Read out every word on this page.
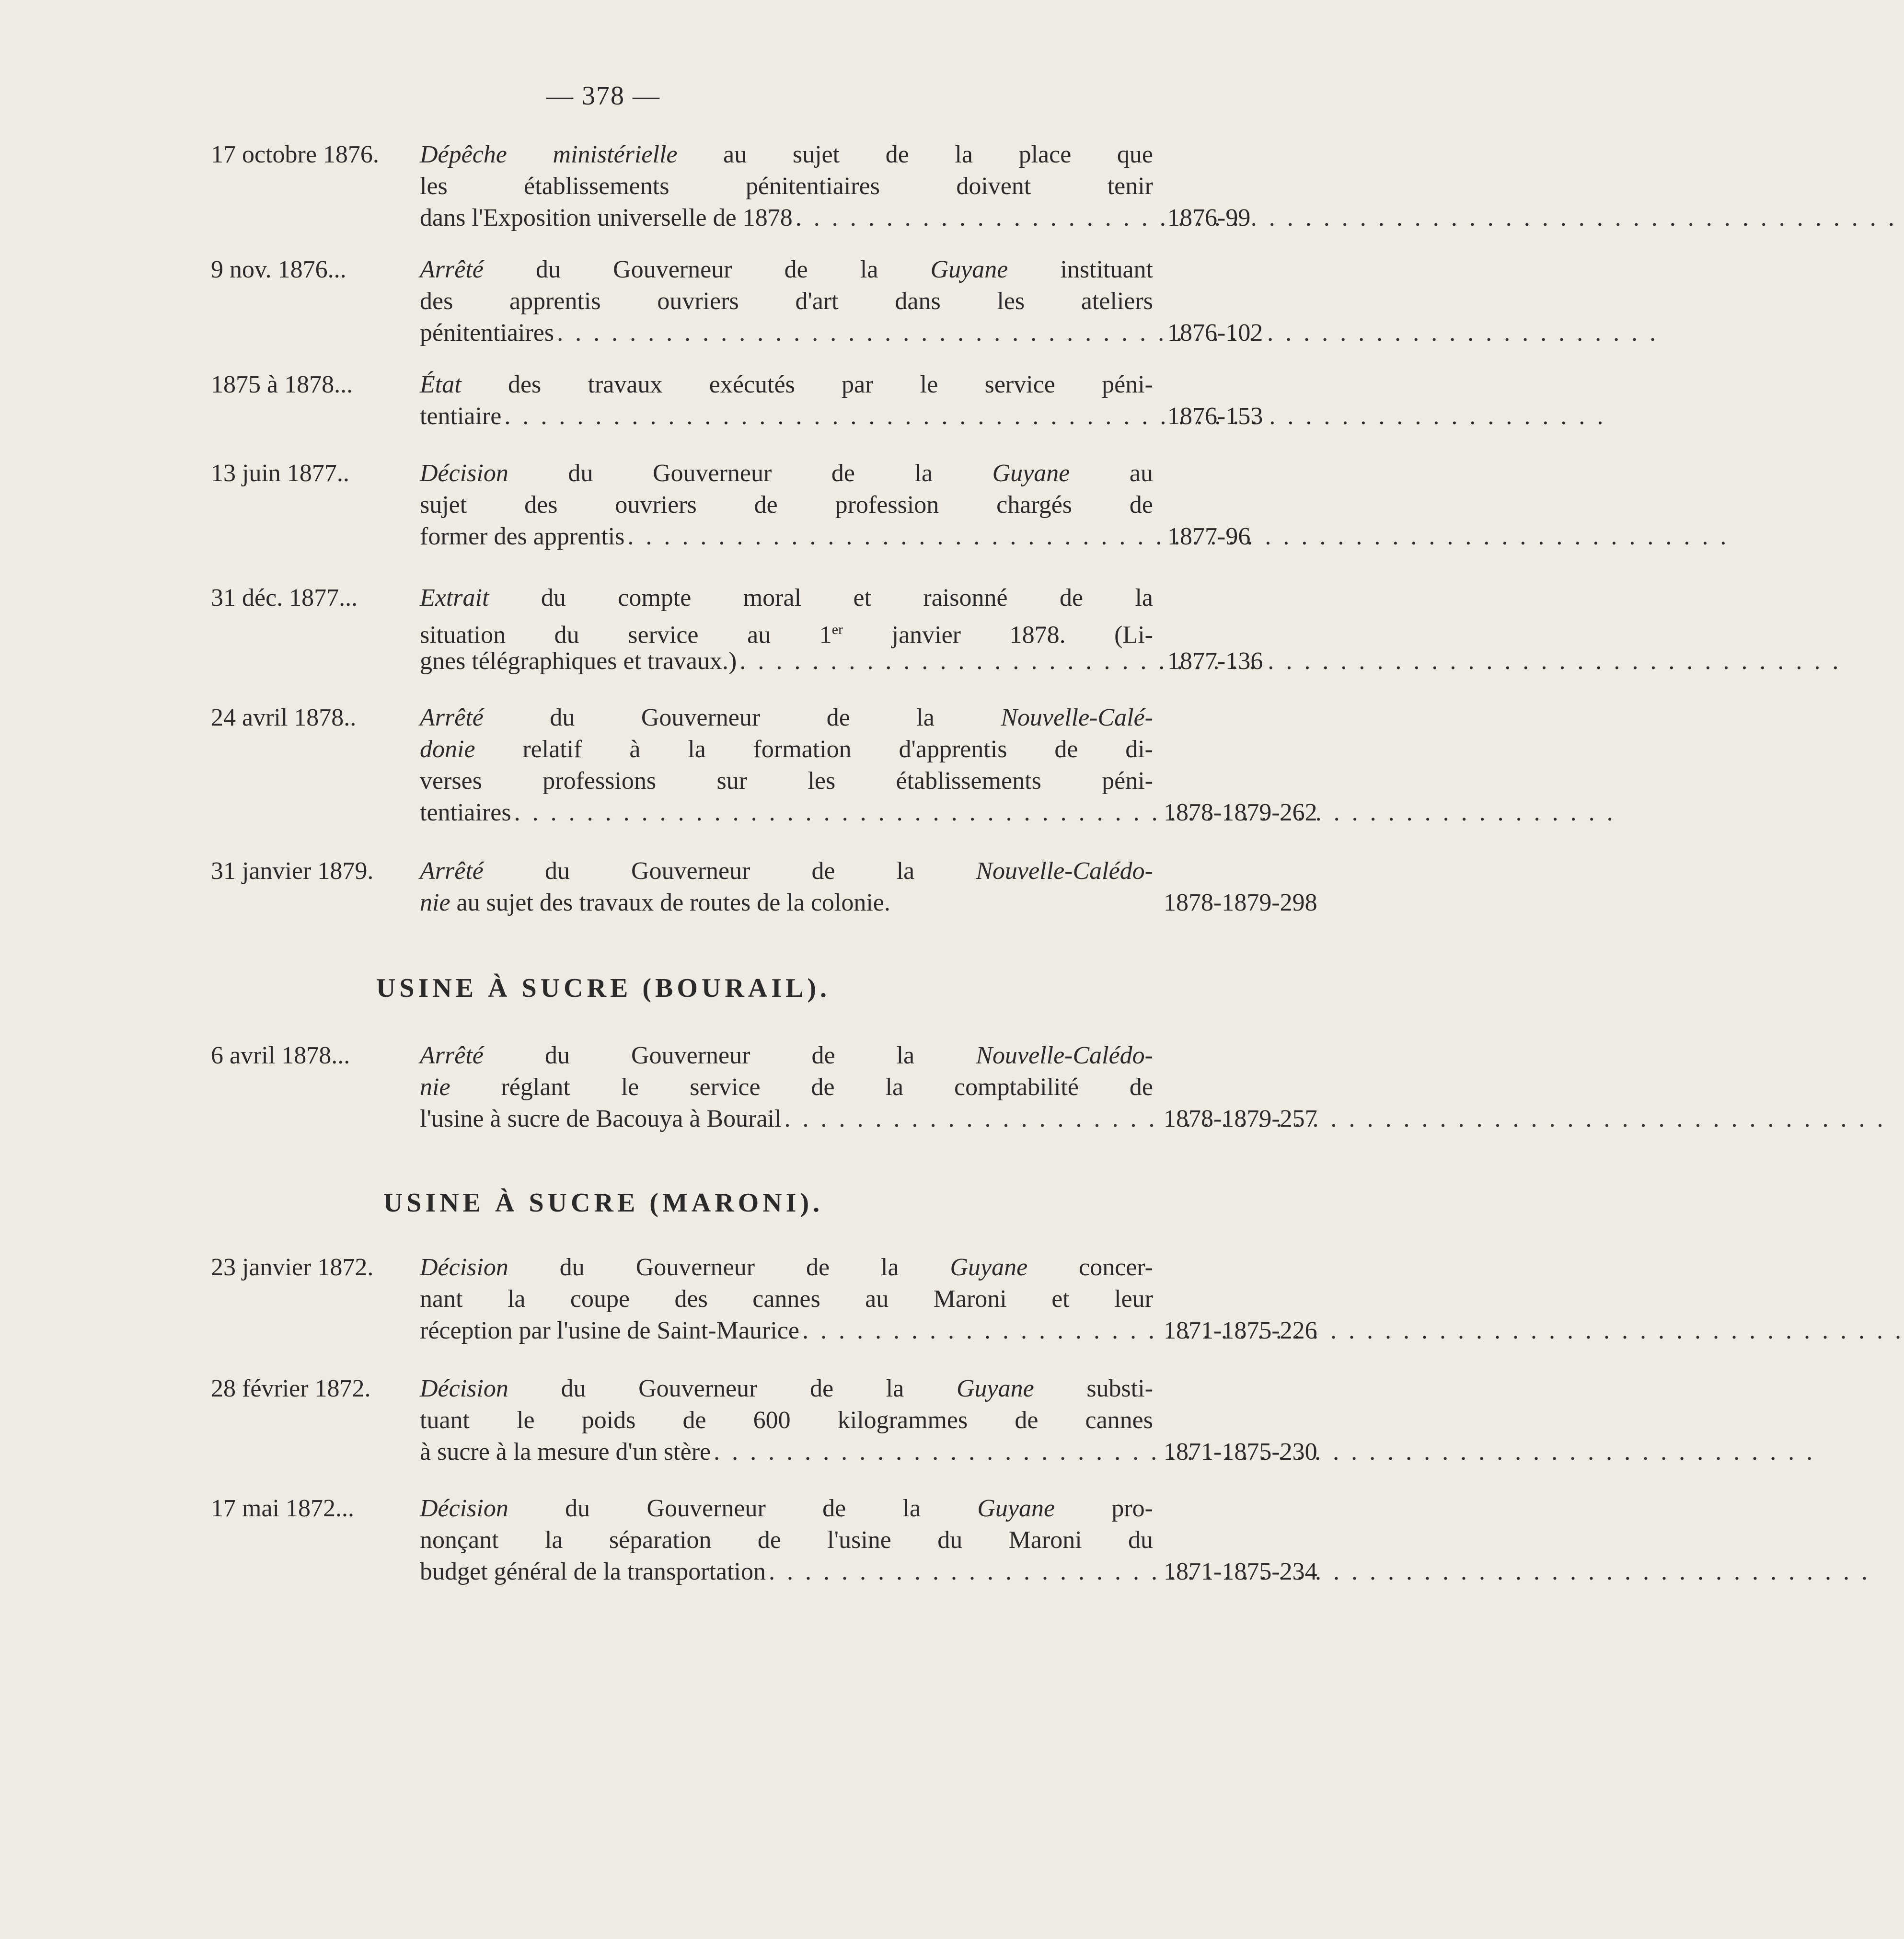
— 378 —
17 octobre 1876.	Dépêche ministérielle au sujet de la place que
les établissements pénitentiaires doivent tenir
dans l'Exposition universelle de 1878 . . .	1876-99
9 nov. 1876...	Arrêté du Gouverneur de la Guyane instituant
des apprentis ouvriers d'art dans les ateliers
pénitentiaires . . .	1876-102
1875 à 1878...	État des travaux exécutés par le service péni-
tentiaire . . .	1876-153
13 juin 1877..	Décision du Gouverneur de la Guyane au
sujet des ouvriers de profession chargés de
former des apprentis . . .	1877-96
31 déc. 1877...	Extrait du compte moral et raisonné de la
situation du service au 1er janvier 1878. (Li-
gnes télégraphiques et travaux.) . . .	1877-136
24 avril 1878..	Arrêté du Gouverneur de la Nouvelle-Calé-
donie relatif à la formation d'apprentis de di-
verses professions sur les établissements péni-
tentiaires . . .	1878-1879-262
31 janvier 1879.	Arrêté du Gouverneur de la Nouvelle-Calédo-
nie au sujet des travaux de routes de la colonie.	1878-1879-298
USINE À SUCRE (BOURAIL).
6 avril 1878...	Arrêté du Gouverneur de la Nouvelle-Calédo-
nie réglant le service de la comptabilité de
l'usine à sucre de Bacouya à Bourail . . .	1878-1879-257
USINE À SUCRE (MARONI).
23 janvier 1872.	Décision du Gouverneur de la Guyane concer-
nant la coupe des cannes au Maroni et leur
réception par l'usine de Saint-Maurice . . .	1871-1875-226
28 février 1872.	Décision du Gouverneur de la Guyane substi-
tuant le poids de 600 kilogrammes de cannes
à sucre à la mesure d'un stère . . .	1871-1875-230
17 mai 1872...	Décision du Gouverneur de la Guyane pro-
nonçant la séparation de l'usine du Maroni du
budget général de la transportation . . .	1871-1875-234
